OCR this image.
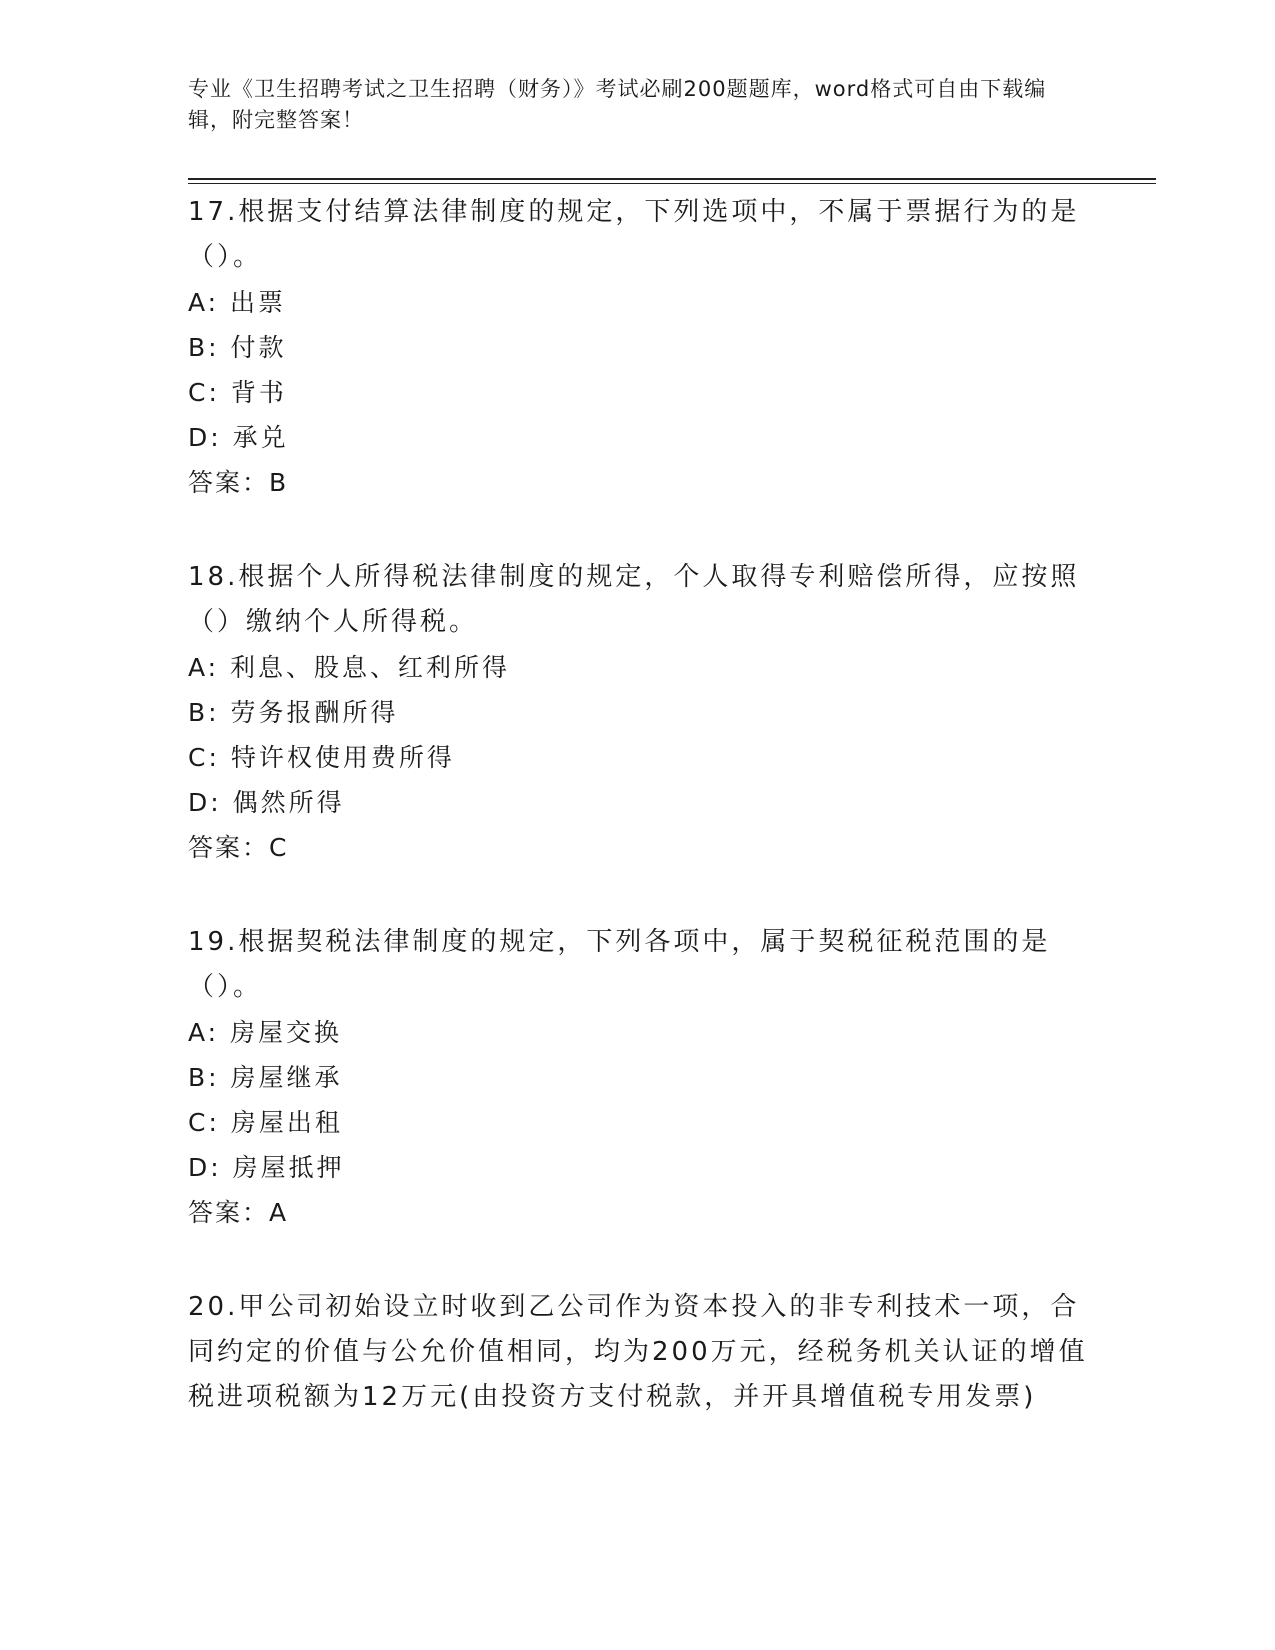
专业《卫生招聘考试之卫生招聘（财务）》考试必刷200题题库，word格式可自由下载编辑，附完整答案！

17.根据支付结算法律制度的规定，下列选项中，不属于票据行为的是（）。

A: 出票

B: 付款

C: 背书

D: 承兑

答案：B

18.根据个人所得税法律制度的规定，个人取得专利赔偿所得，应按照（）缴纳个人所得税。

A: 利息、股息、红利所得

B: 劳务报酬所得

C: 特许权使用费所得

D: 偶然所得

答案：C

19.根据契税法律制度的规定，下列各项中，属于契税征税范围的是（）。

A: 房屋交换

B: 房屋继承

C: 房屋出租

D: 房屋抵押

答案：A

20.甲公司初始设立时收到乙公司作为资本投入的非专利技术一项，合同约定的价值与公允价值相同，均为200万元，经税务机关认证的增值税进项税额为12万元(由投资方支付税款，并开具增值税专用发票)
